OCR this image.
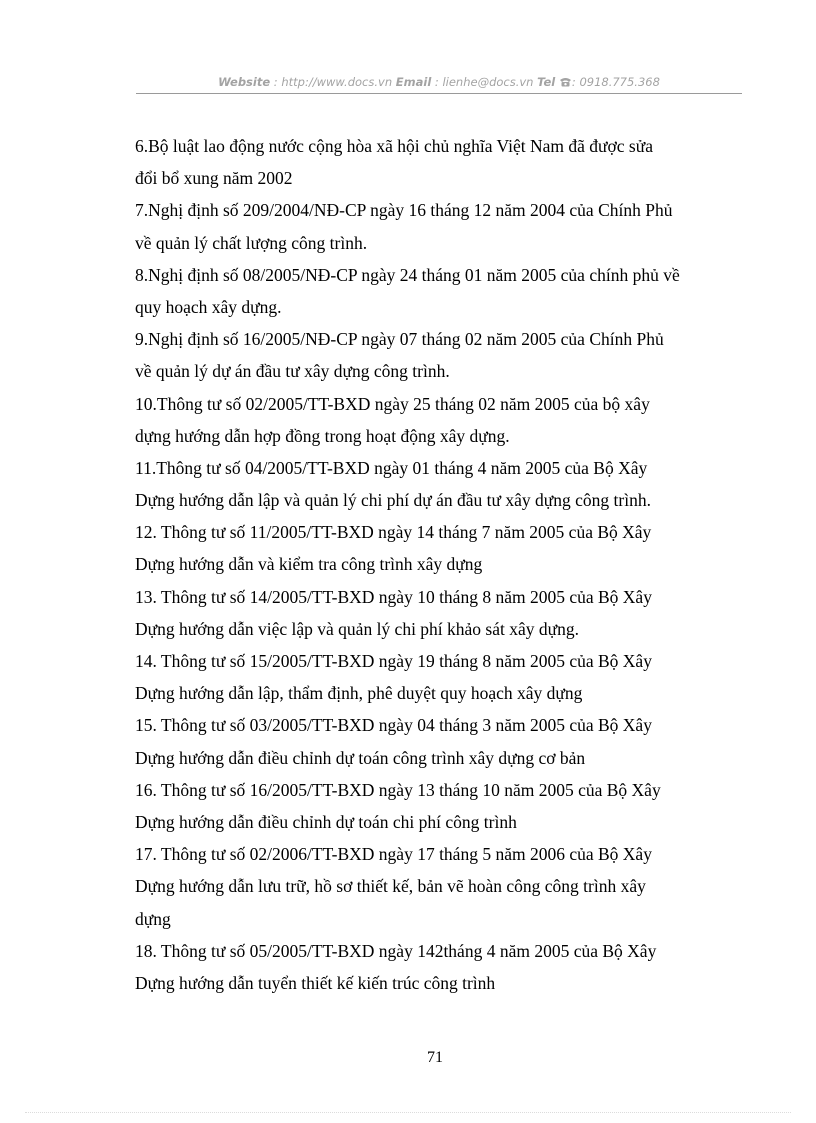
Website : http://www.docs.vn Email : lienhe@docs.vn Tel : 0918.775.368
6.Bộ luật lao động nước cộng hòa xã hội chủ nghĩa Việt Nam đã được sửa
đổi bổ xung năm 2002
7.Nghị định số 209/2004/NĐ-CP ngày 16 tháng 12 năm 2004 của Chính Phủ
về quản lý chất lượng công trình.
8.Nghị định số 08/2005/NĐ-CP ngày 24 tháng 01 năm 2005 của chính phủ về
quy hoạch xây dựng.
9.Nghị định số 16/2005/NĐ-CP ngày 07 tháng 02 năm 2005 của Chính Phủ
về quản lý dự án đầu tư xây dựng công trình.
10.Thông tư số 02/2005/TT-BXD ngày 25 tháng 02 năm 2005 của bộ xây
dựng hướng dẫn hợp đồng trong hoạt động xây dựng.
11.Thông tư số 04/2005/TT-BXD ngày 01 tháng 4 năm 2005 của Bộ Xây
Dựng hướng dẫn lập và quản lý chi phí dự án đầu tư xây dựng công trình.
12. Thông tư số 11/2005/TT-BXD ngày 14 tháng 7 năm 2005 của Bộ Xây
Dựng hướng dẫn và kiểm tra công trình xây dựng
13. Thông tư số 14/2005/TT-BXD ngày 10 tháng 8 năm 2005 của Bộ Xây
Dựng hướng dẫn việc lập và quản lý chi phí khảo sát xây dựng.
14. Thông tư số 15/2005/TT-BXD ngày 19 tháng 8 năm 2005 của Bộ Xây
Dựng hướng dẫn lập, thẩm định, phê duyệt quy hoạch xây dựng
15. Thông tư số 03/2005/TT-BXD ngày 04 tháng 3 năm 2005 của Bộ Xây
Dựng hướng dẫn điều chỉnh dự toán công trình xây dựng cơ bản
16. Thông tư số 16/2005/TT-BXD ngày 13 tháng 10 năm 2005 của Bộ Xây
Dựng hướng dẫn điều chỉnh dự toán chi phí công trình
17. Thông tư số 02/2006/TT-BXD ngày 17 tháng 5 năm 2006 của Bộ Xây
Dựng hướng dẫn lưu trữ, hồ sơ thiết kế, bản vẽ hoàn công công trình xây
dựng
18. Thông tư số 05/2005/TT-BXD ngày 142tháng 4 năm 2005 của Bộ Xây
Dựng hướng dẫn tuyển thiết kế kiến trúc công trình
71
